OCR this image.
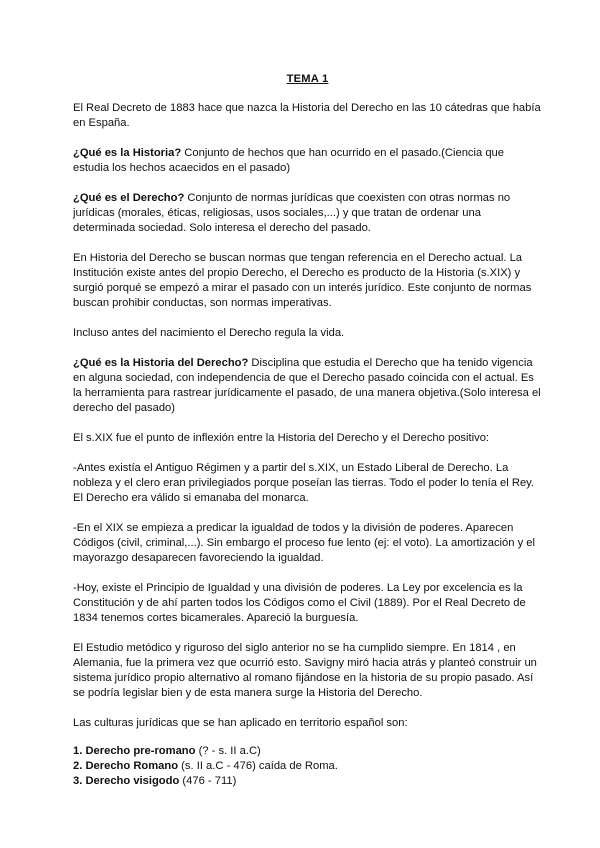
TEMA 1

El Real Decreto de 1883 hace que nazca la Historia del Derecho en las 10 cátedras que había en España.

¿Qué es la Historia? Conjunto de hechos que han ocurrido en el pasado.(Ciencia que estudia los hechos acaecidos en el pasado)

¿Qué es el Derecho? Conjunto de normas jurídicas que coexisten con otras normas no jurídicas (morales, éticas, religiosas, usos sociales,...) y que tratan de ordenar una determinada sociedad. Solo interesa el derecho del pasado.

En Historia del Derecho se buscan normas que tengan referencia en el Derecho actual. La Institución existe antes del propio Derecho, el Derecho es producto de la Historia (s.XIX) y surgió porqué se empezó a mirar el pasado con un interés jurídico. Este conjunto de normas buscan prohibir conductas, son normas imperativas.

Incluso antes del nacimiento el Derecho regula la vida.

¿Qué es la Historia del Derecho? Disciplina que estudia el Derecho que ha tenido vigencia en alguna sociedad, con independencia de que el Derecho pasado coincida con el actual. Es la herramienta para rastrear jurídicamente el pasado, de una manera objetiva.(Solo interesa el derecho del pasado)

El s.XIX fue el punto de inflexión entre la Historia del Derecho y el Derecho positivo:

-Antes existía el Antiguo Régimen y a partir del s.XIX, un Estado Liberal de Derecho. La nobleza y el clero eran privilegiados porque poseían las tierras. Todo el poder lo tenía el Rey. El Derecho era válido si emanaba del monarca.

-En el XIX se empieza a predicar la igualdad de todos y la división de poderes. Aparecen Códigos (civil, criminal,...). Sin embargo el proceso fue lento (ej: el voto). La amortización y el mayorazgo desaparecen favoreciendo la igualdad.

-Hoy, existe el Principio de Igualdad y una división de poderes. La Ley por excelencia es la Constitución y de ahí parten todos los Códigos como el Civil (1889). Por el Real Decreto de 1834 tenemos cortes bicamerales. Apareció la burguesía.

El Estudio metódico y riguroso del siglo anterior no se ha cumplido siempre. En 1814 , en Alemania, fue la primera vez que ocurrió esto. Savigny miró hacia atrás y planteó construir un sistema jurídico propio alternativo al romano fijándose en la historia de su propio pasado. Así se podría legislar bien y de esta manera surge la Historia del Derecho.

Las culturas jurídicas que se han aplicado en territorio español son:

1. Derecho pre-romano (? - s. II a.C)
2. Derecho Romano (s. II a.C - 476) caída de Roma.
3. Derecho visigodo (476 - 711)
